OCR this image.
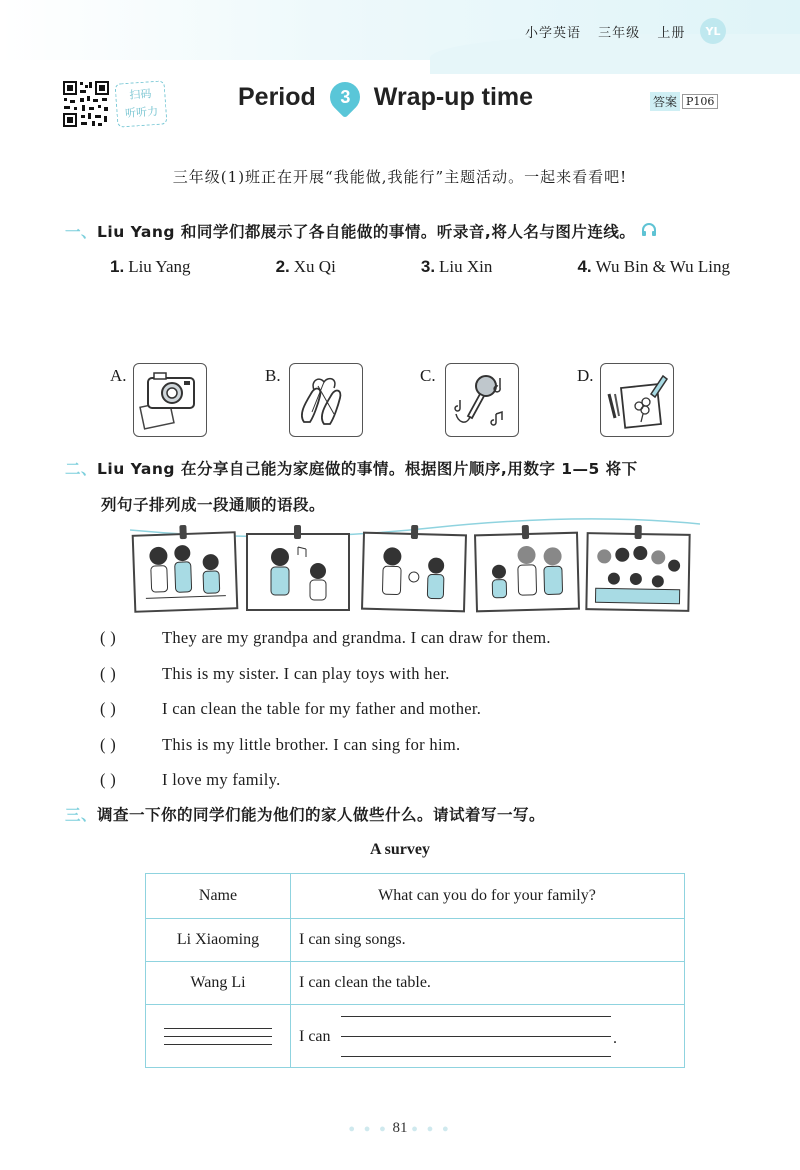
小学英语 三年级 上册	YL
扫码
听听力
Period 3 Wrap-up time	答案 P106
三年级(1)班正在开展“我能做,我能行”主题活动。一起来看看吧!
一、Liu Yang 和同学们都展示了各自能做的事情。听录音,将人名与图片连线。
1. Liu Yang	2. Xu Qi	3. Liu Xin	4. Wu Bin & Wu Ling
A.	B.	C.	D.
二、Liu Yang 在分享自己能为家庭做的事情。根据图片顺序,用数字 1—5 将下
列句子排列成一段通顺的语段。
( )	They are my grandpa and grandma. I can draw for them.
( )	This is my sister. I can play toys with her.
( )	I can clean the table for my father and mother.
( )	This is my little brother. I can sing for him.
( )	I love my family.
三、调查一下你的同学们能为他们的家人做些什么。请试着写一写。
A survey
Name	What can you do for your family?
Li Xiaoming	I can sing songs.
Wang Li	I can clean the table.

	I can .
● ● ● 81 ● ● ●
